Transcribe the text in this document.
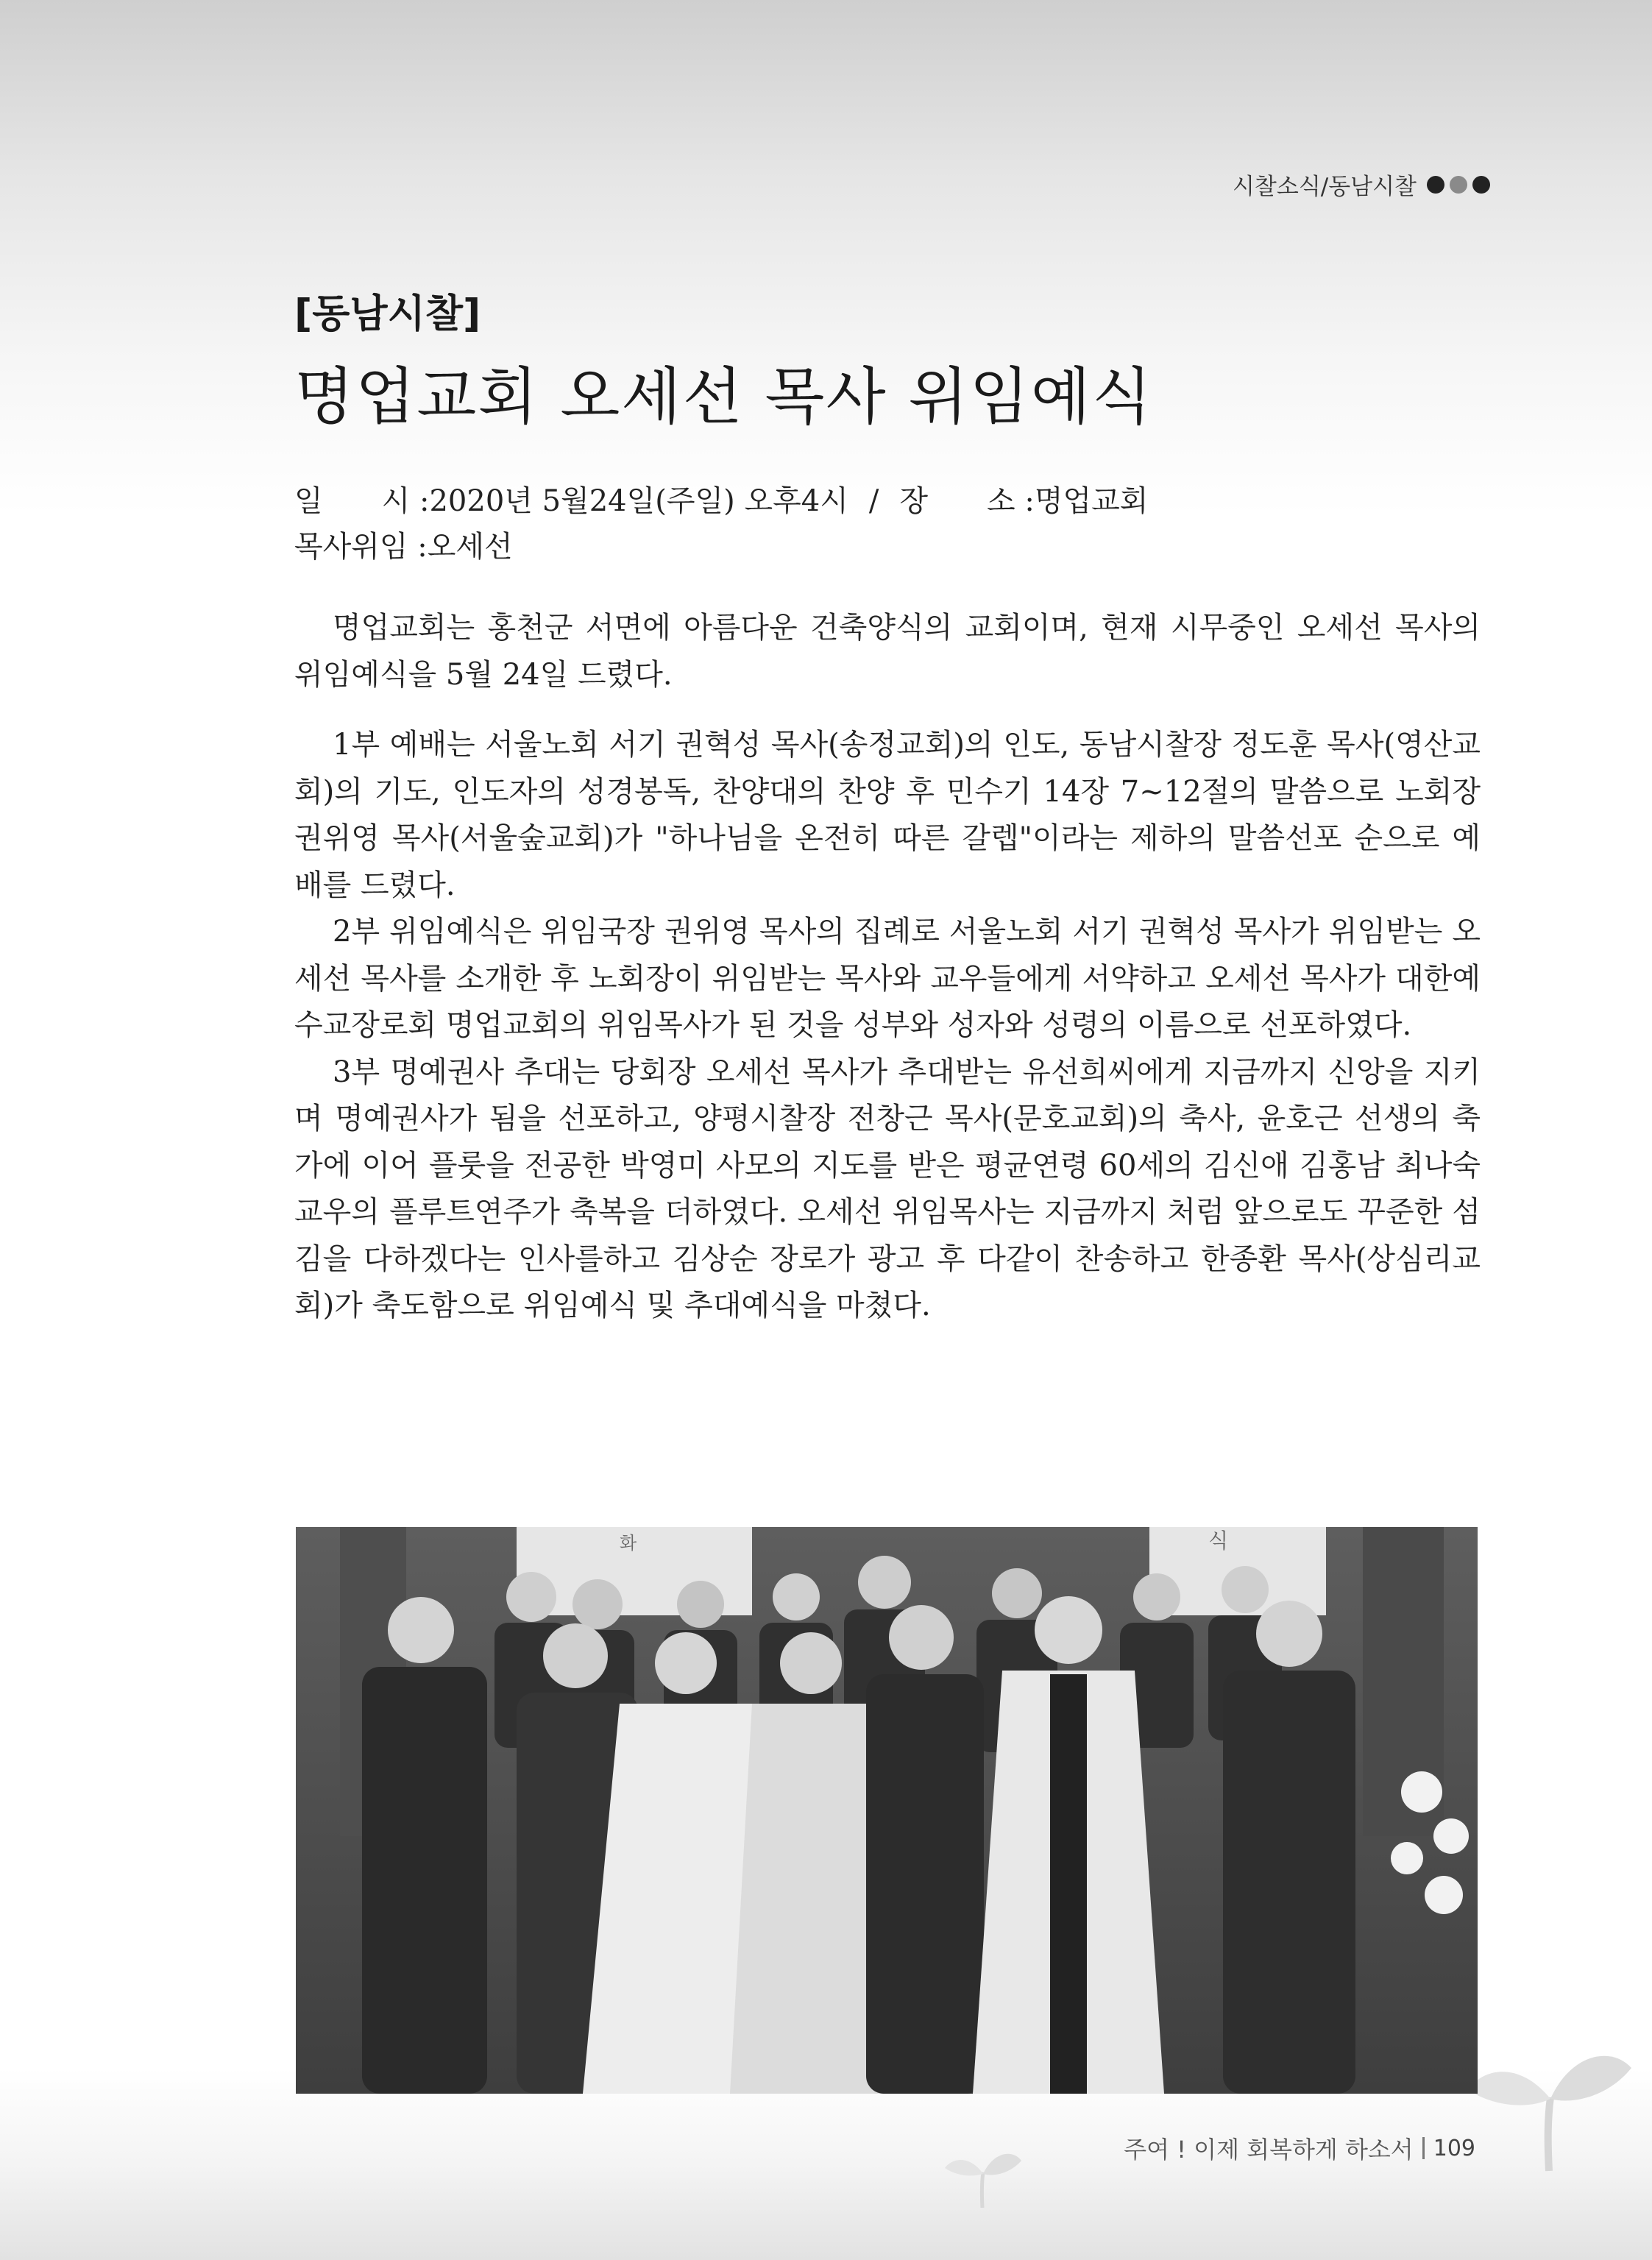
시찰소식/동남시찰
[동남시찰]
명업교회 오세선 목사 위임예식
일　　시 : 2020년 5월24일(주일) 오후4시 / 장　　소 : 명업교회
목사위임 : 오세선

명업교회는 홍천군 서면에 아름다운 건축양식의 교회이며, 현재 시무중인 오세선 목사의 위임예식을 5월 24일 드렸다.

1부 예배는 서울노회 서기 권혁성 목사(송정교회)의 인도, 동남시찰장 정도훈 목사(영산교회)의 기도, 인도자의 성경봉독, 찬양대의 찬양 후 민수기 14장 7~12절의 말씀으로 노회장 권위영 목사(서울숲교회)가 "하나님을 온전히 따른 갈렙"이라는 제하의 말씀선포 순으로 예배를 드렸다.

2부 위임예식은 위임국장 권위영 목사의 집례로 서울노회 서기 권혁성 목사가 위임받는 오세선 목사를 소개한 후 노회장이 위임받는 목사와 교우들에게 서약하고 오세선 목사가 대한예수교장로회 명업교회의 위임목사가 된 것을 성부와 성자와 성령의 이름으로 선포하였다.

3부 명예권사 추대는 당회장 오세선 목사가 추대받는 유선희씨에게 지금까지 신앙을 지키며 명예권사가 됨을 선포하고, 양평시찰장 전창근 목사(문호교회)의 축사, 윤호근 선생의 축가에 이어 플룻을 전공한 박영미 사모의 지도를 받은 평균연령 60세의 김신애 김홍남 최나숙 교우의 플루트연주가 축복을 더하였다. 오세선 위임목사는 지금까지 처럼 앞으로도 꾸준한 섬김을 다하겠다는 인사를하고 김상순 장로가 광고 후 다같이 찬송하고 한종환 목사(상심리교회)가 축도함으로 위임예식 및 추대예식을 마쳤다.

화	식
주여 ! 이제 회복하게 하소서 109
